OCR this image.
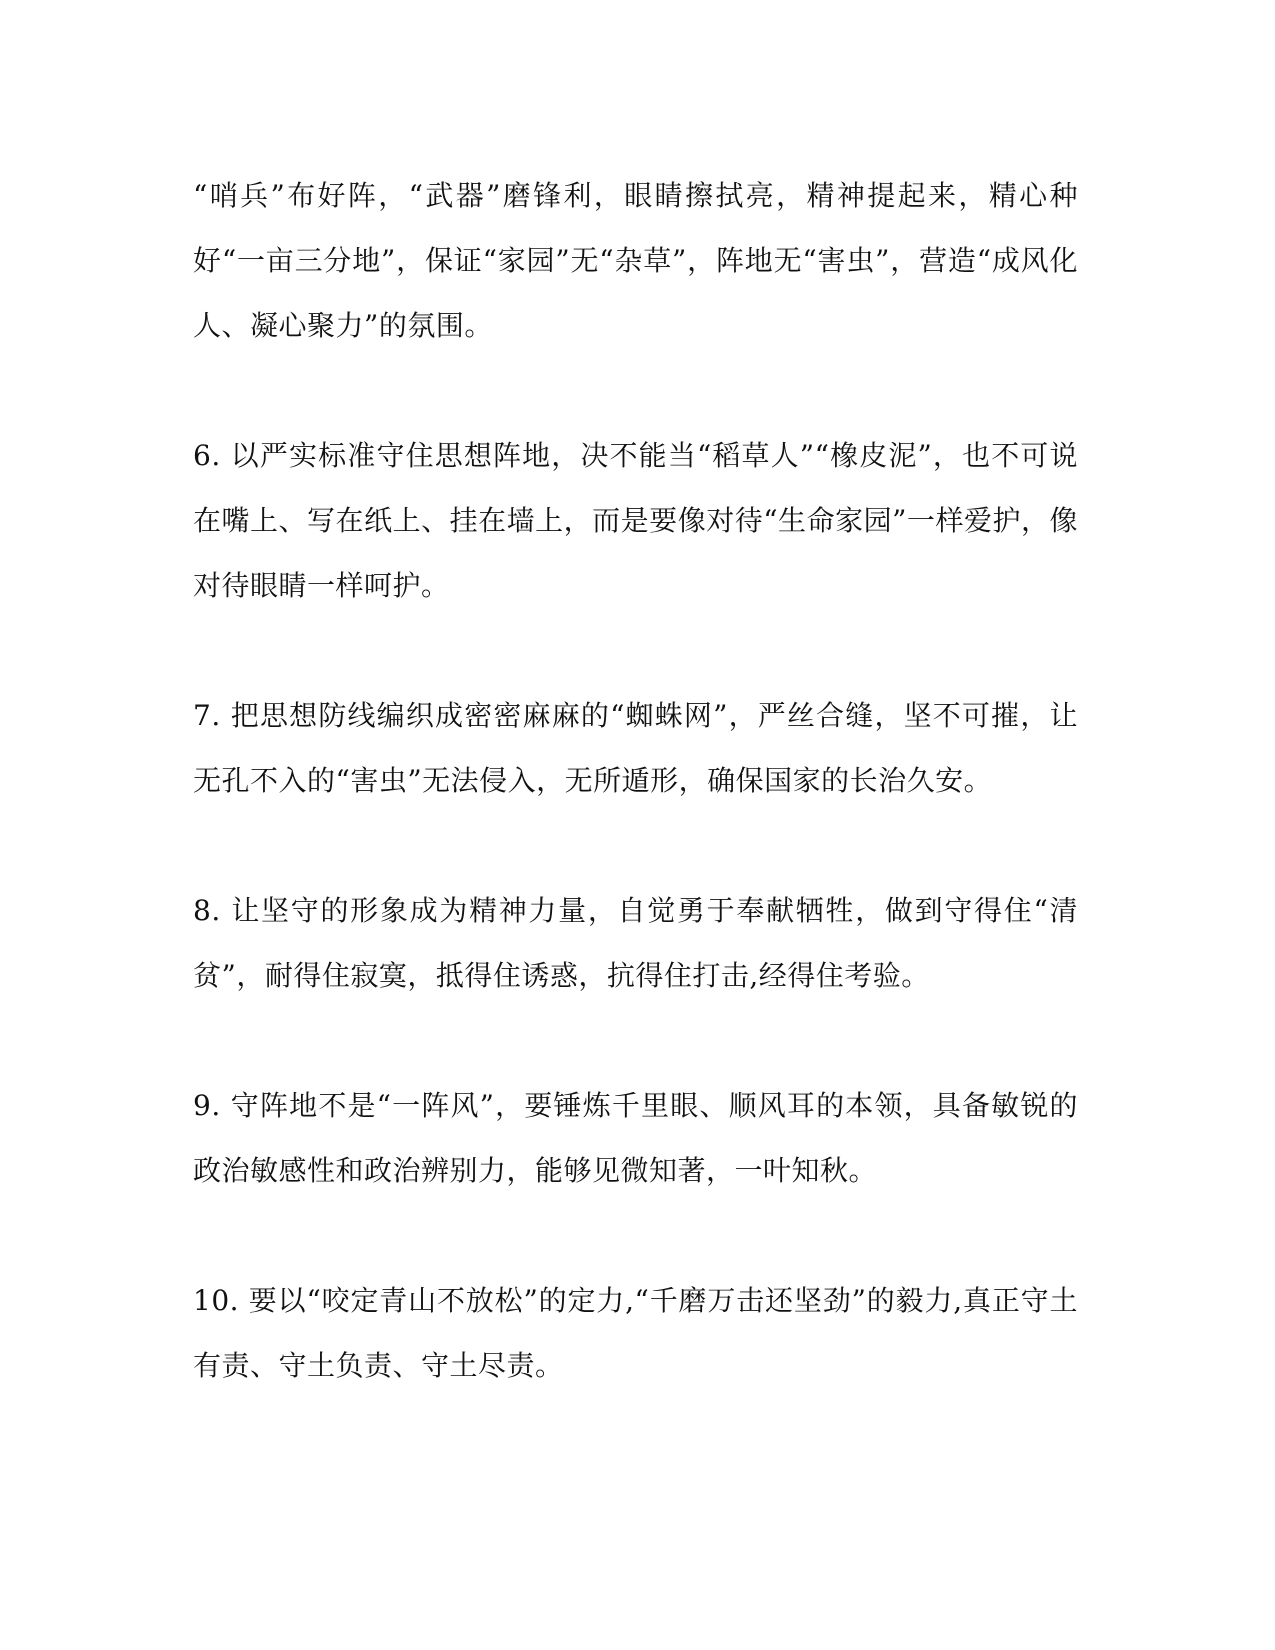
“哨兵”布好阵，“武器”磨锋利，眼睛擦拭亮，精神提起来，精心种好“一亩三分地”，保证“家园”无“杂草”，阵地无“害虫”，营造“成风化人、凝心聚力”的氛围。

6. 以严实标准守住思想阵地，决不能当“稻草人”“橡皮泥”，也不可说在嘴上、写在纸上、挂在墙上，而是要像对待“生命家园”一样爱护，像对待眼睛一样呵护。

7. 把思想防线编织成密密麻麻的“蜘蛛网”，严丝合缝，坚不可摧，让无孔不入的“害虫”无法侵入，无所遁形，确保国家的长治久安。

8. 让坚守的形象成为精神力量，自觉勇于奉献牺牲，做到守得住“清贫”，耐得住寂寞，抵得住诱惑，抗得住打击,经得住考验。

9. 守阵地不是“一阵风”，要锤炼千里眼、顺风耳的本领，具备敏锐的政治敏感性和政治辨别力，能够见微知著，一叶知秋。

10. 要以“咬定青山不放松”的定力,“千磨万击还坚劲”的毅力,真正守土有责、守土负责、守土尽责。
